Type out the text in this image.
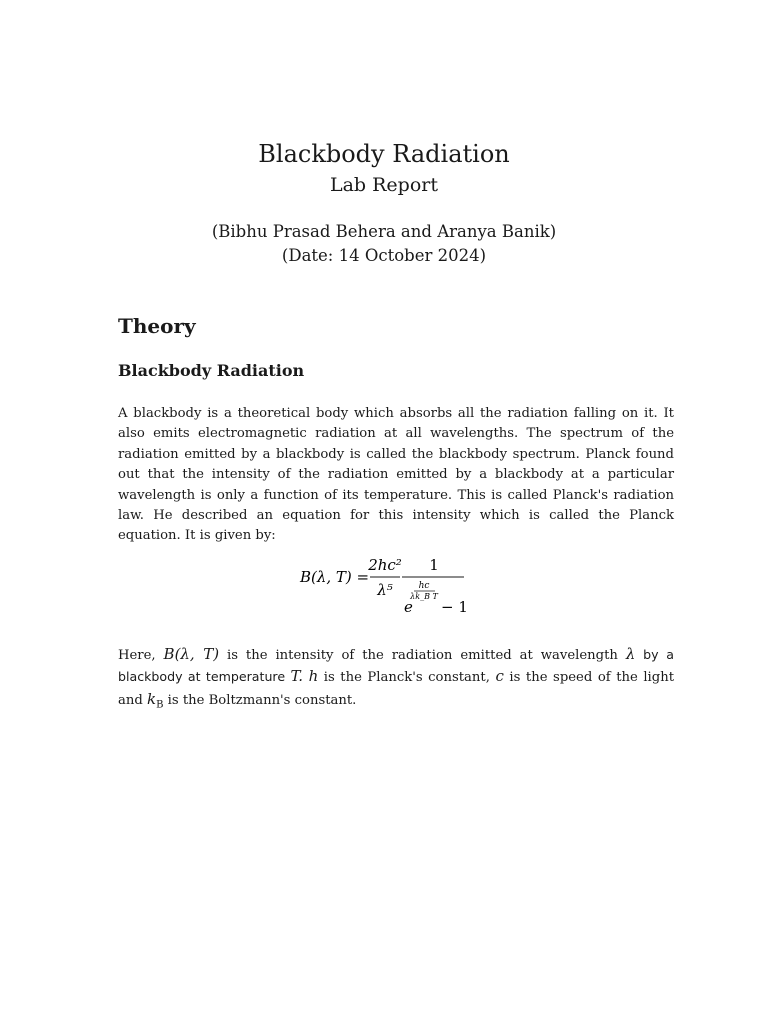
Blackbody Radiation
Lab Report
(Bibhu Prasad Behera and Aranya Banik)
(Date: 14 October 2024)
Theory
Blackbody Radiation

A blackbody is a theoretical body which absorbs all the radiation falling on it. It also emits electromagnetic radiation at all wavelengths. The spectrum of the radiation emitted by a blackbody is called the blackbody spectrum. Planck found out that the intensity of the radiation emitted by a blackbody at a particular wavelength is only a function of its temperature. This is called Planck's radiation law. He described an equation for this intensity which is called the Planck equation. It is given by:

B(λ, T) =
2hc²
λ⁵
1
hc
λk_B T
e − 1

Here, B(λ, T) is the intensity of the radiation emitted at wavelength λ by a blackbody at temperature T. h is the Planck's constant, c is the speed of the light and $k_B$ is the Boltzmann's constant.
